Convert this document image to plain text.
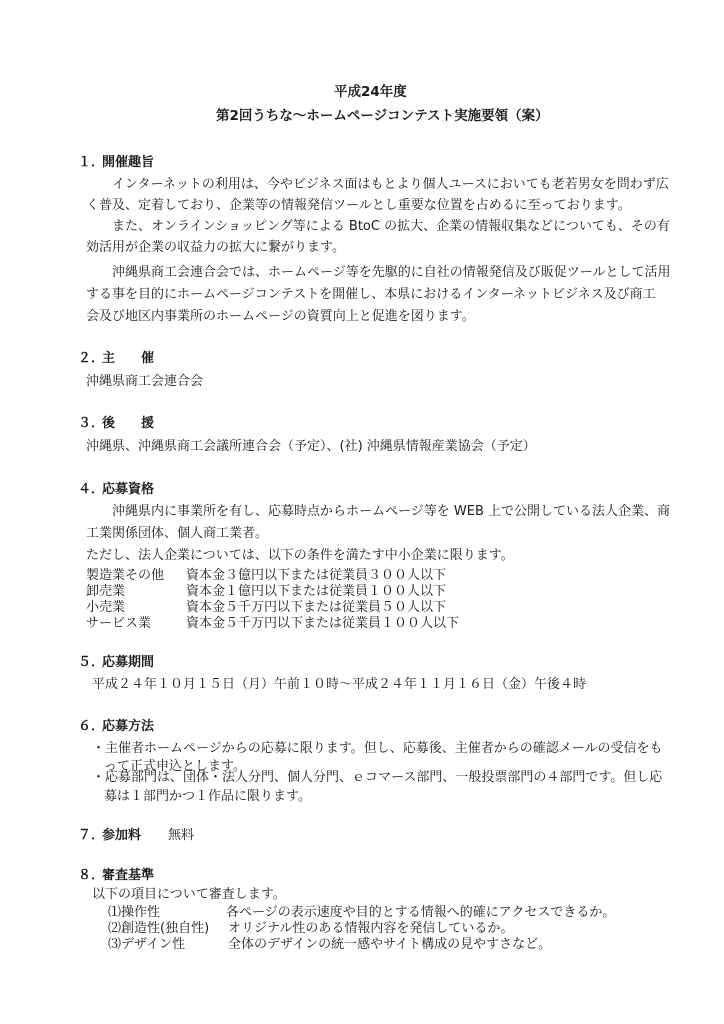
平成24年度
第2回うちな～ホームページコンテスト実施要領（案）
１．
開催趣旨
インターネットの利用は、今やビジネス面はもとより個人ユースにおいても老若男女を問わず広
く普及、定着しており、企業等の情報発信ツールとし重要な位置を占めるに至っております。
また、オンラインショッピング等による BtoC の拡大、企業の情報収集などについても、その有
効活用が企業の収益力の拡大に繋がります。
沖縄県商工会連合会では、ホームページ等を先駆的に自社の情報発信及び販促ツールとして活用
する事を目的にホームページコンテストを開催し、本県におけるインターネットビジネス及び商工
会及び地区内事業所のホームページの資質向上と促進を図ります。
２．
主　　催
沖縄県商工会連合会
３．
後　　援
沖縄県、沖縄県商工会議所連合会（予定）、(社) 沖縄県情報産業協会（予定）
４．
応募資格
沖縄県内に事業所を有し、応募時点からホームページ等を WEB 上で公開している法人企業、商
工業関係団体、個人商工業者。
ただし、法人企業については、以下の条件を満たす中小企業に限ります。
製造業その他 資本金３億円以下または従業員３００人以下
卸売業	資本金１億円以下または従業員１００人以下
小売業	資本金５千万円以下または従業員５０人以下
サービス業	資本金５千万円以下または従業員１００人以下
５．
応募期間
平成２４年１０月１５日（月）午前１０時～平成２４年１１月１６日（金）午後４時
６．
応募方法
・主催者ホームページからの応募に限ります。但し、応募後、主催者からの確認メールの受信をも
って正式申込とします。
・応募部門は、団体・法人分門、個人分門、ｅコマース部門、一般投票部門の４部門です。但し応
募は１部門かつ１作品に限ります。
７．
参加料 無料
８．
審査基準
以下の項目について審査します。
⑴操作性	各ページの表示速度や目的とする情報へ的確にアクセスできるか。
⑵創造性(独自性) オリジナル性のある情報内容を発信しているか。
⑶デザイン性	全体のデザインの統一感やサイト構成の見やすさなど。
